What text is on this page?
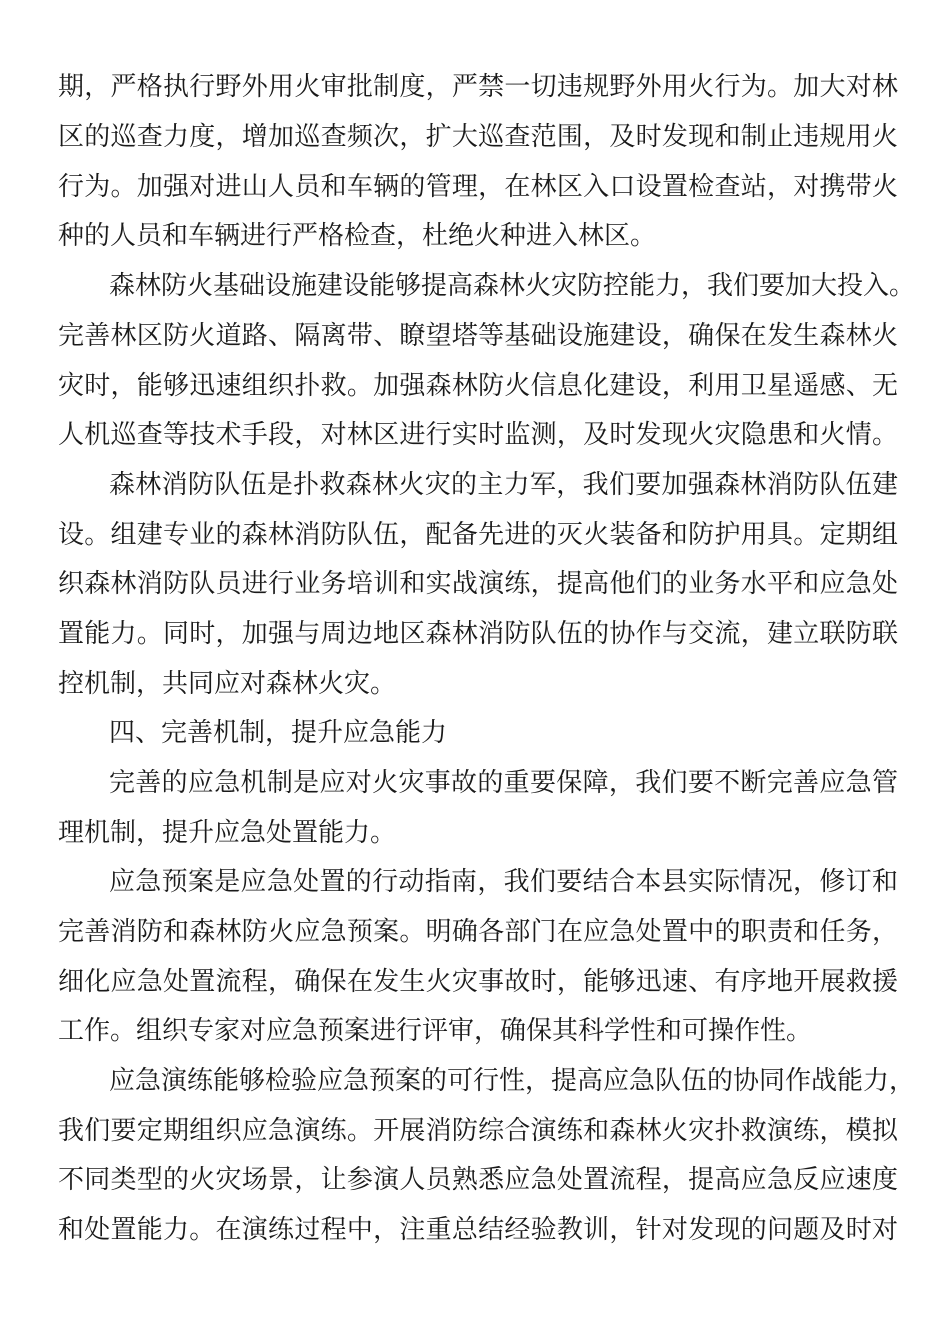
期，严格执行野外用火审批制度，严禁一切违规野外用火行为。加大对林

区的巡查力度，增加巡查频次，扩大巡查范围，及时发现和制止违规用火

行为。加强对进山人员和车辆的管理，在林区入口设置检查站，对携带火

种的人员和车辆进行严格检查，杜绝火种进入林区。

森林防火基础设施建设能够提高森林火灾防控能力，我们要加大投入。

完善林区防火道路、隔离带、瞭望塔等基础设施建设，确保在发生森林火

灾时，能够迅速组织扑救。加强森林防火信息化建设，利用卫星遥感、无

人机巡查等技术手段，对林区进行实时监测，及时发现火灾隐患和火情。

森林消防队伍是扑救森林火灾的主力军，我们要加强森林消防队伍建

设。组建专业的森林消防队伍，配备先进的灭火装备和防护用具。定期组

织森林消防队员进行业务培训和实战演练，提高他们的业务水平和应急处

置能力。同时，加强与周边地区森林消防队伍的协作与交流，建立联防联

控机制，共同应对森林火灾。

四、完善机制，提升应急能力

完善的应急机制是应对火灾事故的重要保障，我们要不断完善应急管

理机制，提升应急处置能力。

应急预案是应急处置的行动指南，我们要结合本县实际情况，修订和

完善消防和森林防火应急预案。明确各部门在应急处置中的职责和任务，

细化应急处置流程，确保在发生火灾事故时，能够迅速、有序地开展救援

工作。组织专家对应急预案进行评审，确保其科学性和可操作性。

应急演练能够检验应急预案的可行性，提高应急队伍的协同作战能力，

我们要定期组织应急演练。开展消防综合演练和森林火灾扑救演练，模拟

不同类型的火灾场景，让参演人员熟悉应急处置流程，提高应急反应速度

和处置能力。在演练过程中，注重总结经验教训，针对发现的问题及时对
